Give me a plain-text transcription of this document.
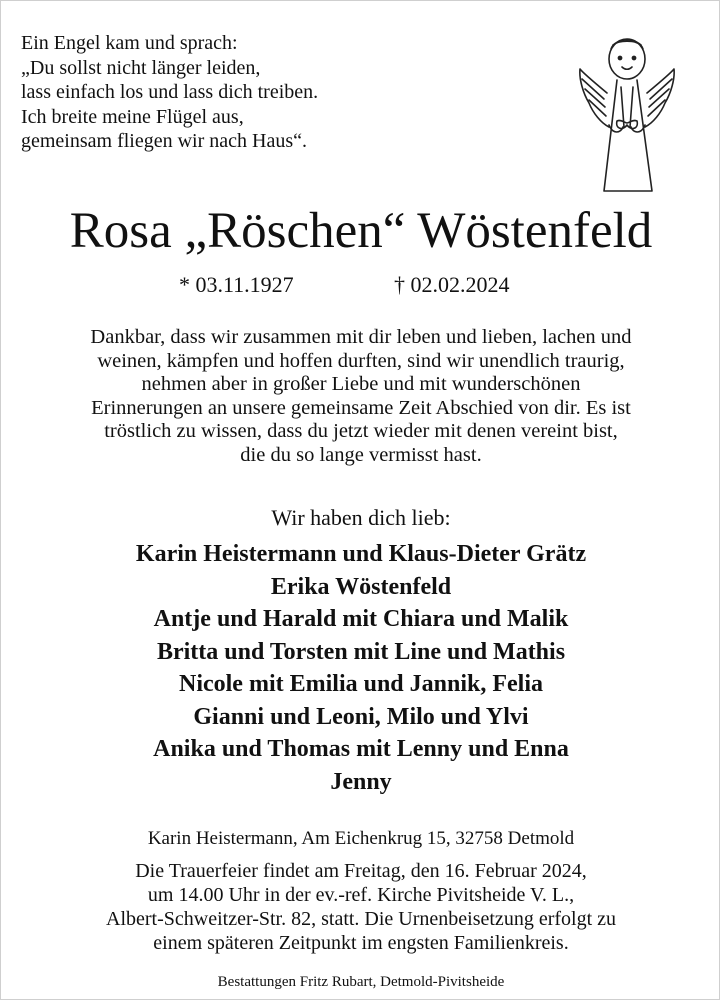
Ein Engel kam und sprach:
„Du sollst nicht länger leiden,
lass einfach los und lass dich treiben.
Ich breite meine Flügel aus,
gemeinsam fliegen wir nach Haus“.
Rosa „Röschen“ Wöstenfeld
* 03.11.1927	† 02.02.2024
Dankbar, dass wir zusammen mit dir leben und lieben, lachen und
weinen, kämpfen und hoffen durften, sind wir unendlich traurig,
nehmen aber in großer Liebe und mit wunderschönen
Erinnerungen an unsere gemeinsame Zeit Abschied von dir. Es ist
tröstlich zu wissen, dass du jetzt wieder mit denen vereint bist,
die du so lange vermisst hast.
Wir haben dich lieb:
Karin Heistermann und Klaus-Dieter Grätz
Erika Wöstenfeld
Antje und Harald mit Chiara und Malik
Britta und Torsten mit Line und Mathis
Nicole mit Emilia und Jannik, Felia
Gianni und Leoni, Milo und Ylvi
Anika und Thomas mit Lenny und Enna
Jenny
Karin Heistermann, Am Eichenkrug 15, 32758 Detmold
Die Trauerfeier findet am Freitag, den 16. Februar 2024,
um 14.00 Uhr in der ev.-ref. Kirche Pivitsheide V. L.,
Albert-Schweitzer-Str. 82, statt. Die Urnenbeisetzung erfolgt zu
einem späteren Zeitpunkt im engsten Familienkreis.
Bestattungen Fritz Rubart, Detmold-Pivitsheide
